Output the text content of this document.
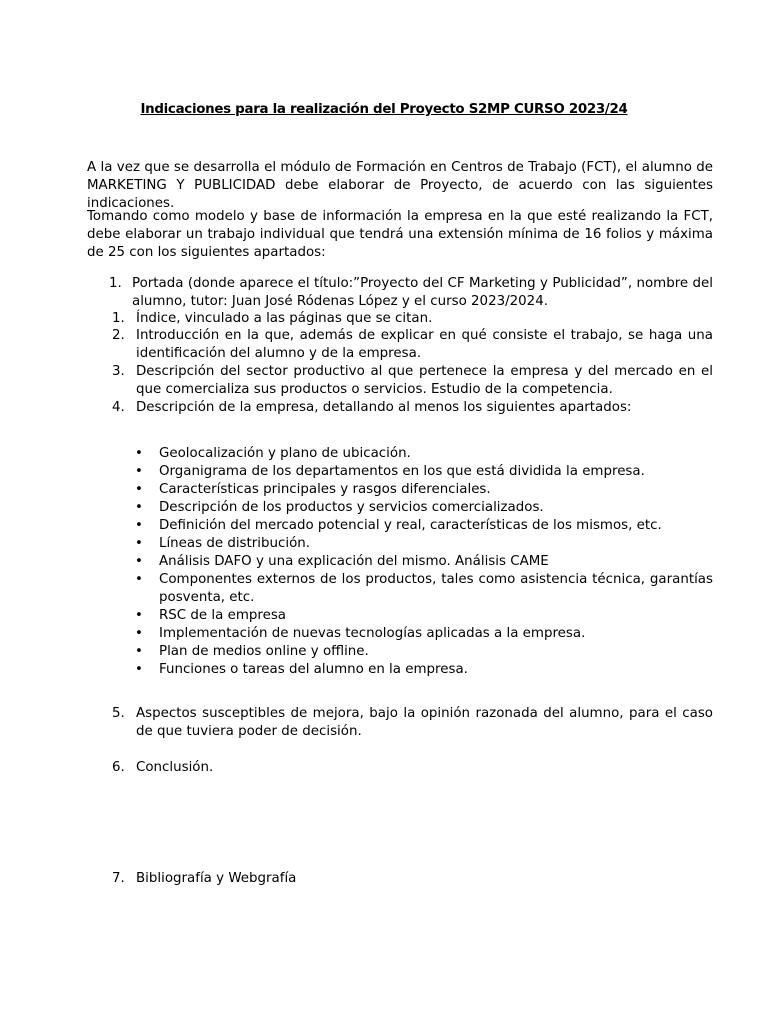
Indicaciones para la realización del Proyecto S2MP CURSO 2023/24
A la vez que se desarrolla el módulo de Formación en Centros de Trabajo (FCT), el alumno de MARKETING Y PUBLICIDAD debe elaborar de Proyecto, de acuerdo con las siguientes indicaciones.
Tomando como modelo y base de información la empresa en la que esté realizando la FCT, debe elaborar un trabajo individual que tendrá una extensión mínima de 16 folios y máxima de 25 con los siguientes apartados:
1. Portada (donde aparece el título:”Proyecto del CF Marketing y Publicidad”, nombre del alumno, tutor: Juan José Ródenas López y el curso 2023/2024.
1. Índice, vinculado a las páginas que se citan.
2. Introducción en la que, además de explicar en qué consiste el trabajo, se haga una identificación del alumno y de la empresa.
3. Descripción del sector productivo al que pertenece la empresa y del mercado en el que comercializa sus productos o servicios. Estudio de la competencia.
4. Descripción de la empresa, detallando al menos los siguientes apartados:
• Geolocalización y plano de ubicación.
• Organigrama de los departamentos en los que está dividida la empresa.
• Características principales y rasgos diferenciales.
• Descripción de los productos y servicios comercializados.
• Definición del mercado potencial y real, características de los mismos, etc.
• Líneas de distribución.
• Análisis DAFO y una explicación del mismo. Análisis CAME
• Componentes externos de los productos, tales como asistencia técnica, garantías posventa, etc.
• RSC de la empresa
• Implementación de nuevas tecnologías aplicadas a la empresa.
• Plan de medios online y offline.
• Funciones o tareas del alumno en la empresa.
5. Aspectos susceptibles de mejora, bajo la opinión razonada del alumno, para el caso de que tuviera poder de decisión.
6. Conclusión.
7. Bibliografía y Webgrafía
